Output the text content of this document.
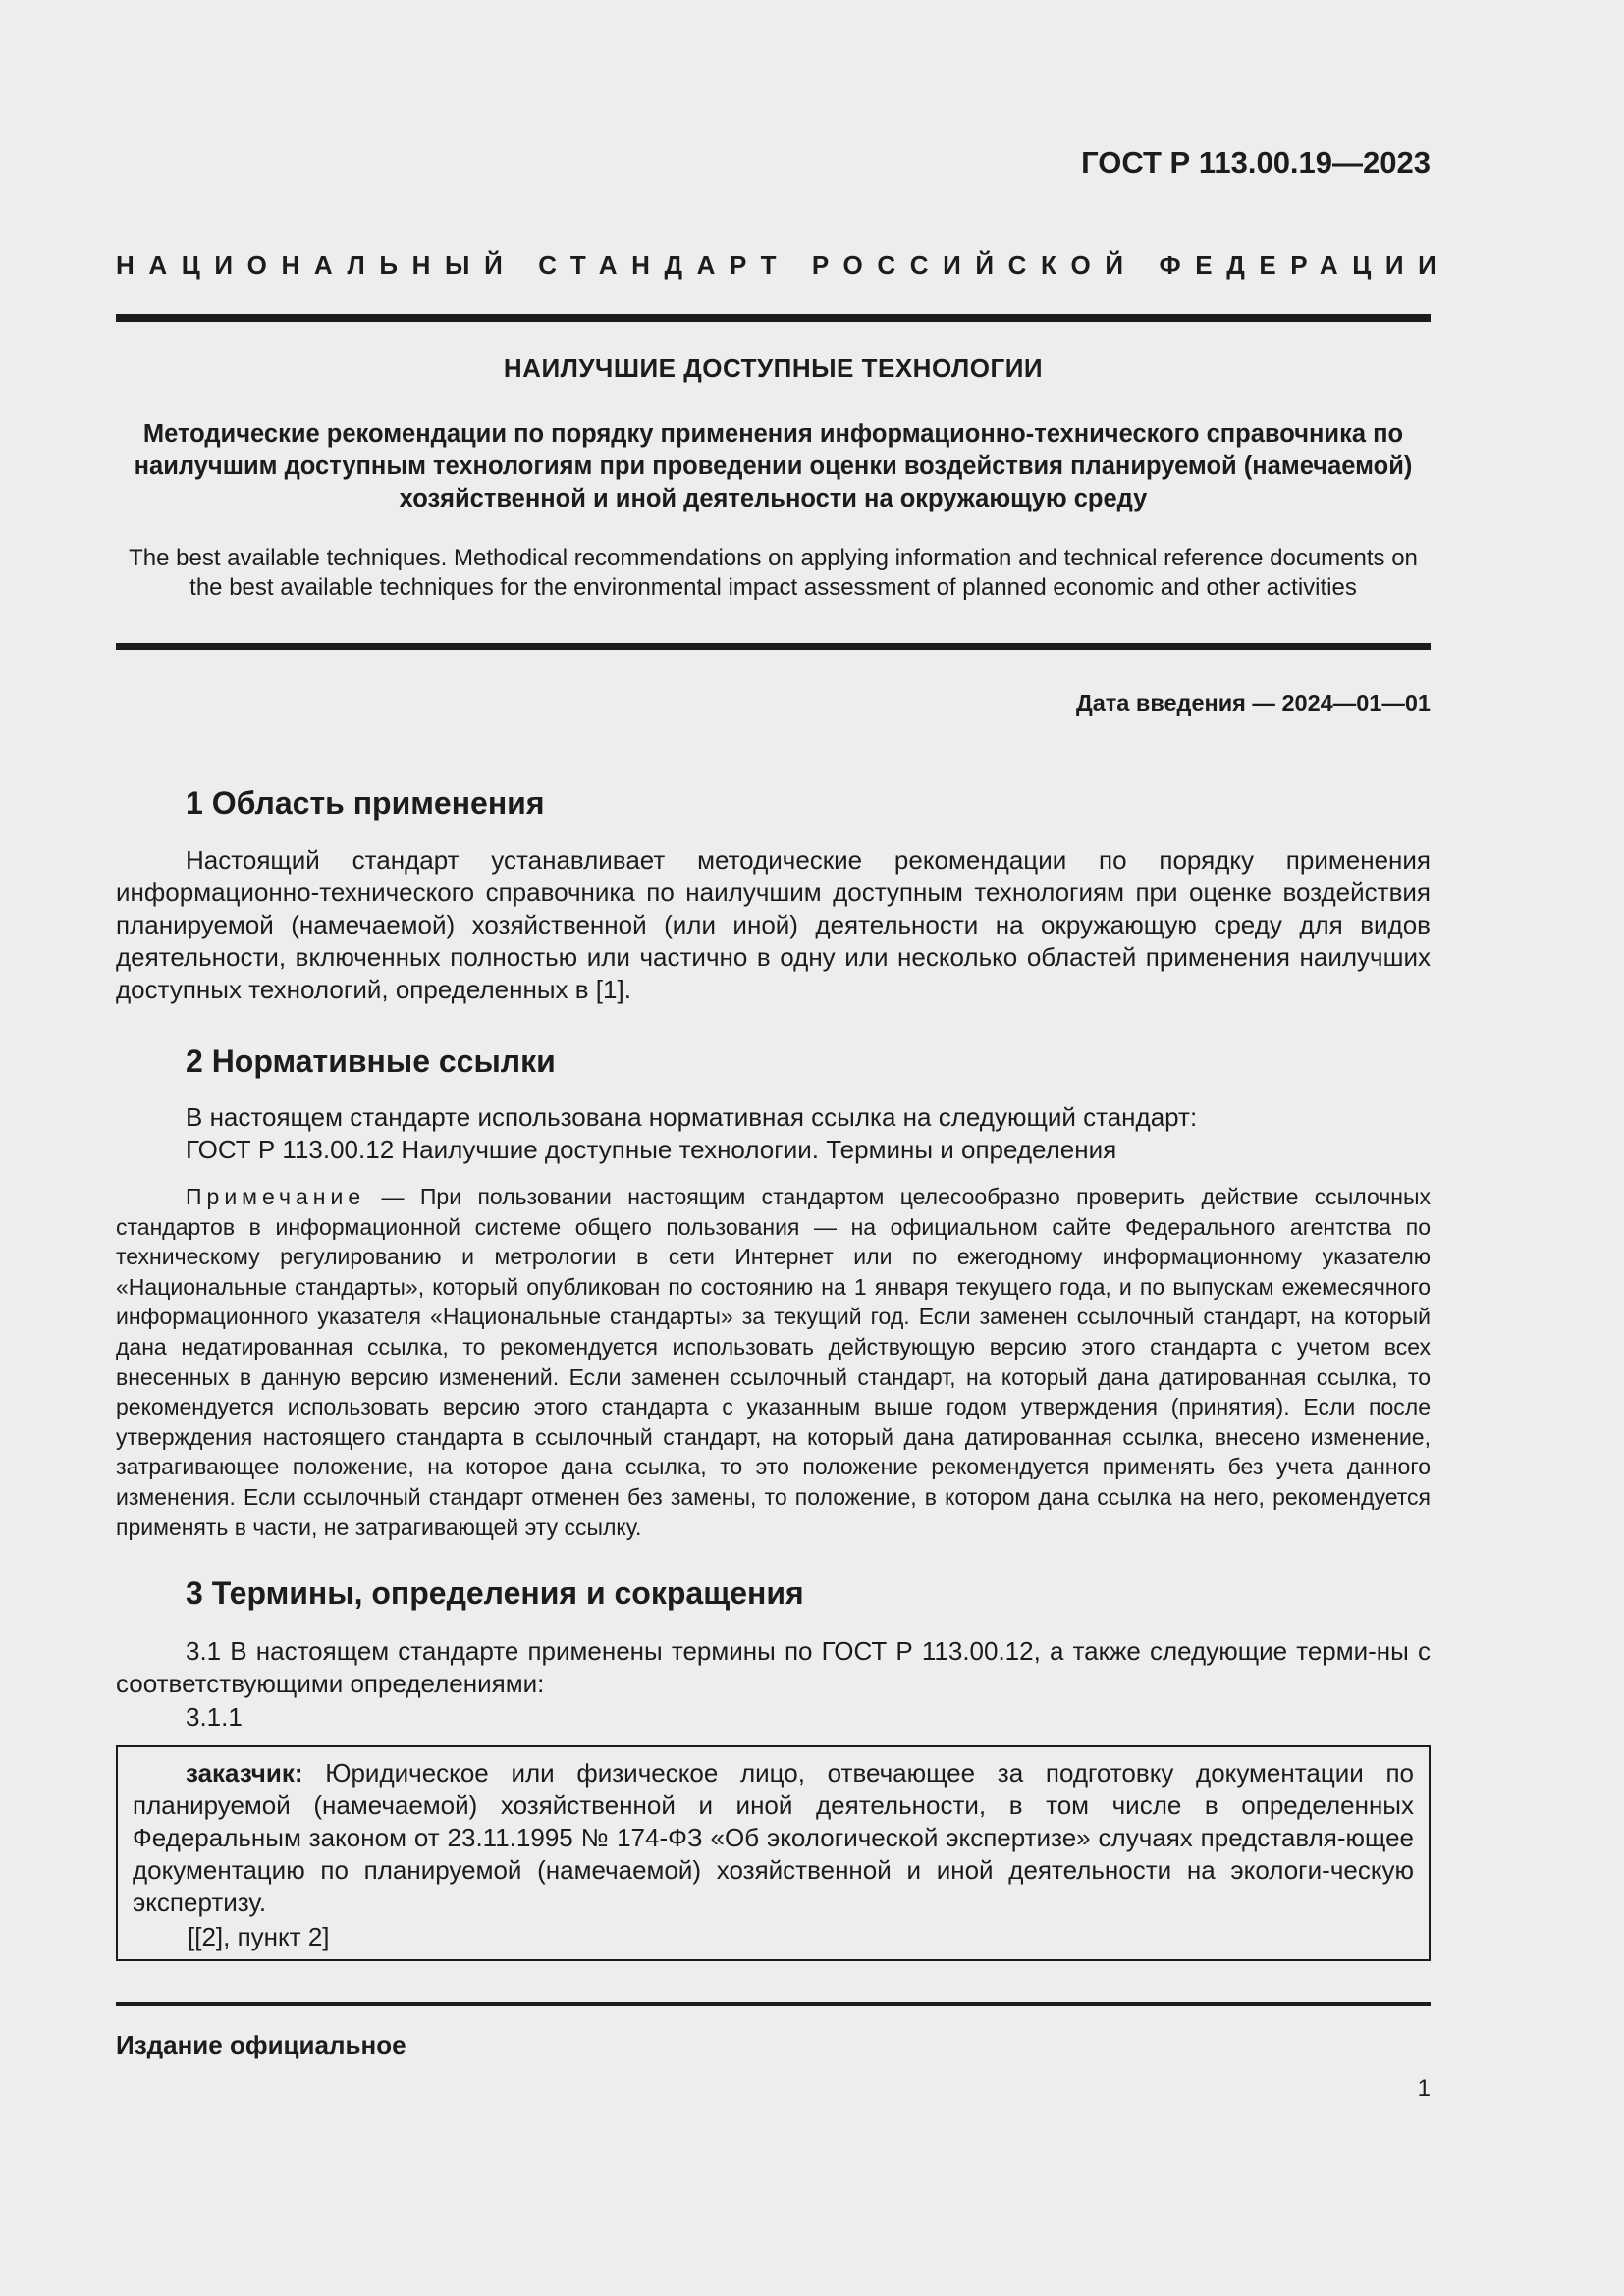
ГОСТ Р 113.00.19—2023
НАЦИОНАЛЬНЫЙ СТАНДАРТ РОССИЙСКОЙ ФЕДЕРАЦИИ
НАИЛУЧШИЕ ДОСТУПНЫЕ ТЕХНОЛОГИИ
Методические рекомендации по порядку применения информационно-технического справочника по наилучшим доступным технологиям при проведении оценки воздействия планируемой (намечаемой) хозяйственной и иной деятельности на окружающую среду
The best available techniques. Methodical recommendations on applying information and technical reference documents on the best available techniques for the environmental impact assessment of planned economic and other activities
Дата введения — 2024—01—01
1 Область применения
Настоящий стандарт устанавливает методические рекомендации по порядку применения информационно-технического справочника по наилучшим доступным технологиям при оценке воздействия планируемой (намечаемой) хозяйственной (или иной) деятельности на окружающую среду для видов деятельности, включенных полностью или частично в одну или несколько областей применения наилучших доступных технологий, определенных в [1].
2 Нормативные ссылки
В настоящем стандарте использована нормативная ссылка на следующий стандарт:
ГОСТ Р 113.00.12 Наилучшие доступные технологии. Термины и определения
Примечание — При пользовании настоящим стандартом целесообразно проверить действие ссылочных стандартов в информационной системе общего пользования — на официальном сайте Федерального агентства по техническому регулированию и метрологии в сети Интернет или по ежегодному информационному указателю «Национальные стандарты», который опубликован по состоянию на 1 января текущего года, и по выпускам ежемесячного информационного указателя «Национальные стандарты» за текущий год. Если заменен ссылочный стандарт, на который дана недатированная ссылка, то рекомендуется использовать действующую версию этого стандарта с учетом всех внесенных в данную версию изменений. Если заменен ссылочный стандарт, на который дана датированная ссылка, то рекомендуется использовать версию этого стандарта с указанным выше годом утверждения (принятия). Если после утверждения настоящего стандарта в ссылочный стандарт, на который дана датированная ссылка, внесено изменение, затрагивающее положение, на которое дана ссылка, то это положение рекомендуется применять без учета данного изменения. Если ссылочный стандарт отменен без замены, то положение, в котором дана ссылка на него, рекомендуется применять в части, не затрагивающей эту ссылку.
3 Термины, определения и сокращения
3.1 В настоящем стандарте применены термины по ГОСТ Р 113.00.12, а также следующие терми-ны с соответствующими определениями:
3.1.1
заказчик: Юридическое или физическое лицо, отвечающее за подготовку документации по планируемой (намечаемой) хозяйственной и иной деятельности, в том числе в определенных Федеральным законом от 23.11.1995 № 174-ФЗ «Об экологической экспертизе» случаях представля-ющее документацию по планируемой (намечаемой) хозяйственной и иной деятельности на экологи-ческую экспертизу.
[[2], пункт 2]
Издание официальное
1
